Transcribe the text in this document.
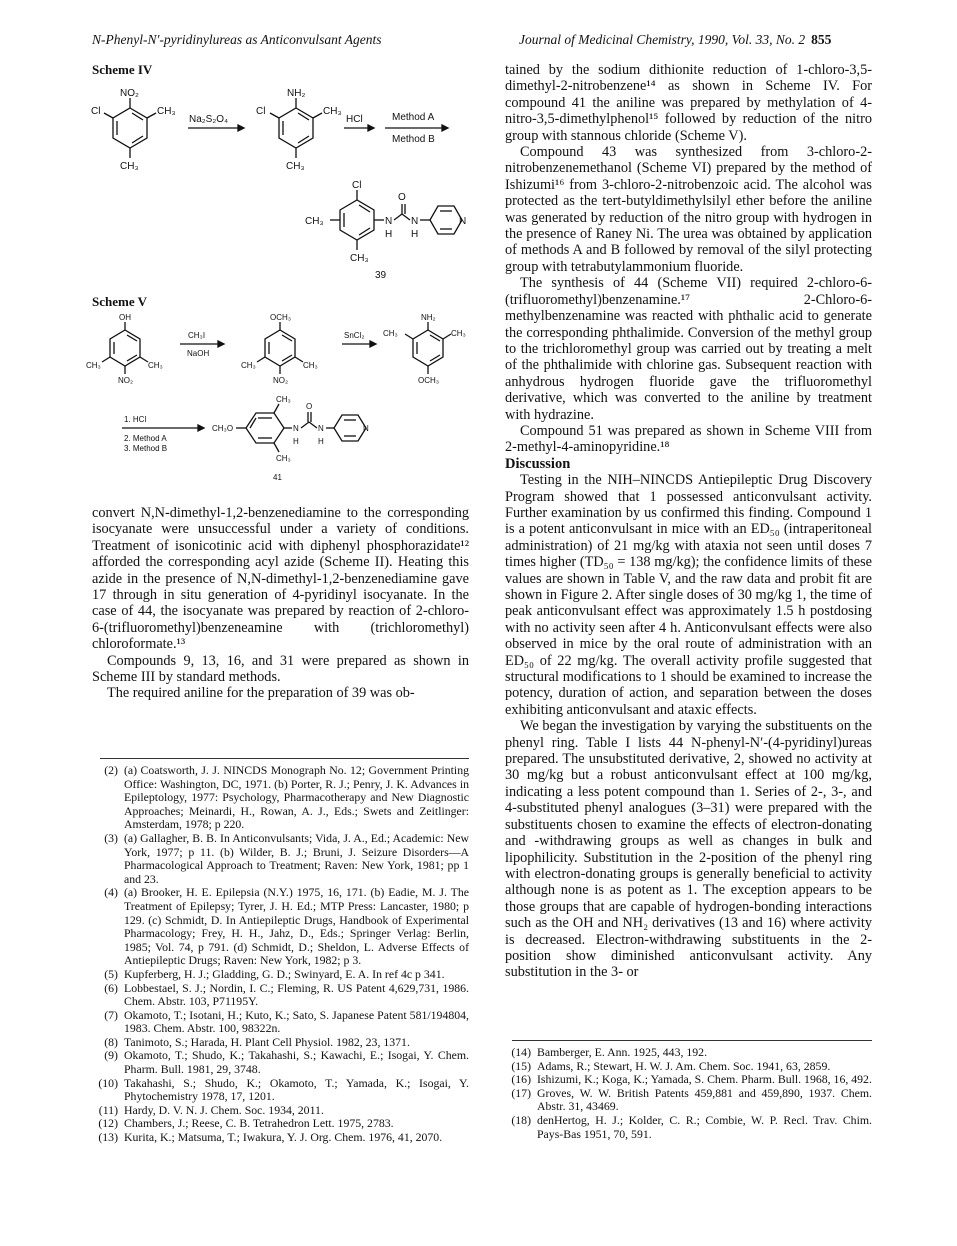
N-Phenyl-N′-pyridinylureas as Anticonvulsant Agents	Journal of Medicinal Chemistry, 1990, Vol. 33, No. 2 855
Scheme IV
NO₂
Cl	CH₃
CH₃
Na₂S₂O₄
NH₂
Cl	CH₃
CH₃
HCl	Method A
Method B
Cl
CH₃
CH₃	N
H
O
N
H
N
39
Scheme V
OH
CH₃	CH₃
NO₂
CH₃I
NaOH
OCH₃
CH₃	CH₃
NO₂
SnCl₂
NH₂
CH₃	CH₃
OCH₃
1. HCl
2. Method A
3. Method B
CH₃
CH₃
CH₃O	N
H
O
N
H
N
41

convert N,N-dimethyl-1,2-benzenediamine to the corresponding isocyanate were unsuccessful under a variety of conditions. Treatment of isonicotinic acid with diphenyl phosphorazidate¹² afforded the corresponding acyl azide (Scheme II). Heating this azide in the presence of N,N-dimethyl-1,2-benzenediamine gave 17 through in situ generation of 4-pyridinyl isocyanate. In the case of 44, the isocyanate was prepared by reaction of 2-chloro-6-(trifluoromethyl)benzeneamine with (trichloromethyl) chloroformate.¹³

Compounds 9, 13, 16, and 31 were prepared as shown in Scheme III by standard methods.

The required aniline for the preparation of 39 was ob-

(2) (a) Coatsworth, J. J. NINCDS Monograph No. 12; Government Printing Office: Washington, DC, 1971. (b) Porter, R. J.; Penry, J. K. Advances in Epileptology, 1977: Psychology, Pharmacotherapy and New Diagnostic Approaches; Meinardi, H., Rowan, A. J., Eds.; Swets and Zeitlinger: Amsterdam, 1978; p 220.
(3) (a) Gallagher, B. B. In Anticonvulsants; Vida, J. A., Ed.; Academic: New York, 1977; p 11. (b) Wilder, B. J.; Bruni, J. Seizure Disorders—A Pharmacological Approach to Treatment; Raven: New York, 1981; pp 1 and 23.
(4) (a) Brooker, H. E. Epilepsia (N.Y.) 1975, 16, 171. (b) Eadie, M. J. The Treatment of Epilepsy; Tyrer, J. H. Ed.; MTP Press: Lancaster, 1980; p 129. (c) Schmidt, D. In Antiepileptic Drugs, Handbook of Experimental Pharmacology; Frey, H. H., Jahz, D., Eds.; Springer Verlag: Berlin, 1985; Vol. 74, p 791. (d) Schmidt, D.; Sheldon, L. Adverse Effects of Antiepileptic Drugs; Raven: New York, 1982; p 3.
(5) Kupferberg, H. J.; Gladding, G. D.; Swinyard, E. A. In ref 4c p 341.
(6) Lobbestael, S. J.; Nordin, I. C.; Fleming, R. US Patent 4,629,731, 1986. Chem. Abstr. 103, P71195Y.
(7) Okamoto, T.; Isotani, H.; Kuto, K.; Sato, S. Japanese Patent 581/194804, 1983. Chem. Abstr. 100, 98322n.
(8) Tanimoto, S.; Harada, H. Plant Cell Physiol. 1982, 23, 1371.
(9) Okamoto, T.; Shudo, K.; Takahashi, S.; Kawachi, E.; Isogai, Y. Chem. Pharm. Bull. 1981, 29, 3748.
(10) Takahashi, S.; Shudo, K.; Okamoto, T.; Yamada, K.; Isogai, Y. Phytochemistry 1978, 17, 1201.
(11) Hardy, D. V. N. J. Chem. Soc. 1934, 2011.
(12) Chambers, J.; Reese, C. B. Tetrahedron Lett. 1975, 2783.
(13) Kurita, K.; Matsuma, T.; Iwakura, Y. J. Org. Chem. 1976, 41, 2070.

tained by the sodium dithionite reduction of 1-chloro-3,5-dimethyl-2-nitrobenzene¹⁴ as shown in Scheme IV. For compound 41 the aniline was prepared by methylation of 4-nitro-3,5-dimethylphenol¹⁵ followed by reduction of the nitro group with stannous chloride (Scheme V).

Compound 43 was synthesized from 3-chloro-2-nitrobenzenemethanol (Scheme VI) prepared by the method of Ishizumi¹⁶ from 3-chloro-2-nitrobenzoic acid. The alcohol was protected as the tert-butyldimethylsilyl ether before the aniline was generated by reduction of the nitro group with hydrogen in the presence of Raney Ni. The urea was obtained by application of methods A and B followed by removal of the silyl protecting group with tetrabutylammonium fluoride.

The synthesis of 44 (Scheme VII) required 2-chloro-6-(trifluoromethyl)benzenamine.¹⁷ 2-Chloro-6-methylbenzenamine was reacted with phthalic acid to generate the corresponding phthalimide. Conversion of the methyl group to the trichloromethyl group was carried out by treating a melt of the phthalimide with chlorine gas. Subsequent reaction with anhydrous hydrogen fluoride gave the trifluoromethyl derivative, which was converted to the aniline by treatment with hydrazine.

Compound 51 was prepared as shown in Scheme VIII from 2-methyl-4-aminopyridine.¹⁸

Discussion

Testing in the NIH–NINCDS Antiepileptic Drug Discovery Program showed that 1 possessed anticonvulsant activity. Further examination by us confirmed this finding. Compound 1 is a potent anticonvulsant in mice with an ED₅₀ (intraperitoneal administration) of 21 mg/kg with ataxia not seen until doses 7 times higher (TD₅₀ = 138 mg/kg); the confidence limits of these values are shown in Table V, and the raw data and probit fit are shown in Figure 2. After single doses of 30 mg/kg 1, the time of peak anticonvulsant effect was approximately 1.5 h postdosing with no activity seen after 4 h. Anticonvulsant effects were also observed in mice by the oral route of administration with an ED₅₀ of 22 mg/kg. The overall activity profile suggested that structural modifications to 1 should be examined to increase the potency, duration of action, and separation between the doses exhibiting anticonvulsant and ataxic effects.

We began the investigation by varying the substituents on the phenyl ring. Table I lists 44 N-phenyl-N′-(4-pyridinyl)ureas prepared. The unsubstituted derivative, 2, showed no activity at 30 mg/kg but a robust anticonvulsant effect at 100 mg/kg, indicating a less potent compound than 1. Series of 2-, 3-, and 4-substituted phenyl analogues (3–31) were prepared with the substituents chosen to examine the effects of electron-donating and -withdrawing groups as well as changes in bulk and lipophilicity. Substitution in the 2-position of the phenyl ring with electron-donating groups is generally beneficial to activity although none is as potent as 1. The exception appears to be those groups that are capable of hydrogen-bonding interactions such as the OH and NH₂ derivatives (13 and 16) where activity is decreased. Electron-withdrawing substituents in the 2-position show diminished anticonvulsant activity. Any substitution in the 3- or

(14) Bamberger, E. Ann. 1925, 443, 192.
(15) Adams, R.; Stewart, H. W. J. Am. Chem. Soc. 1941, 63, 2859.
(16) Ishizumi, K.; Koga, K.; Yamada, S. Chem. Pharm. Bull. 1968, 16, 492.
(17) Groves, W. W. British Patents 459,881 and 459,890, 1937. Chem. Abstr. 31, 43469.
(18) denHertog, H. J.; Kolder, C. R.; Combie, W. P. Recl. Trav. Chim. Pays-Bas 1951, 70, 591.
